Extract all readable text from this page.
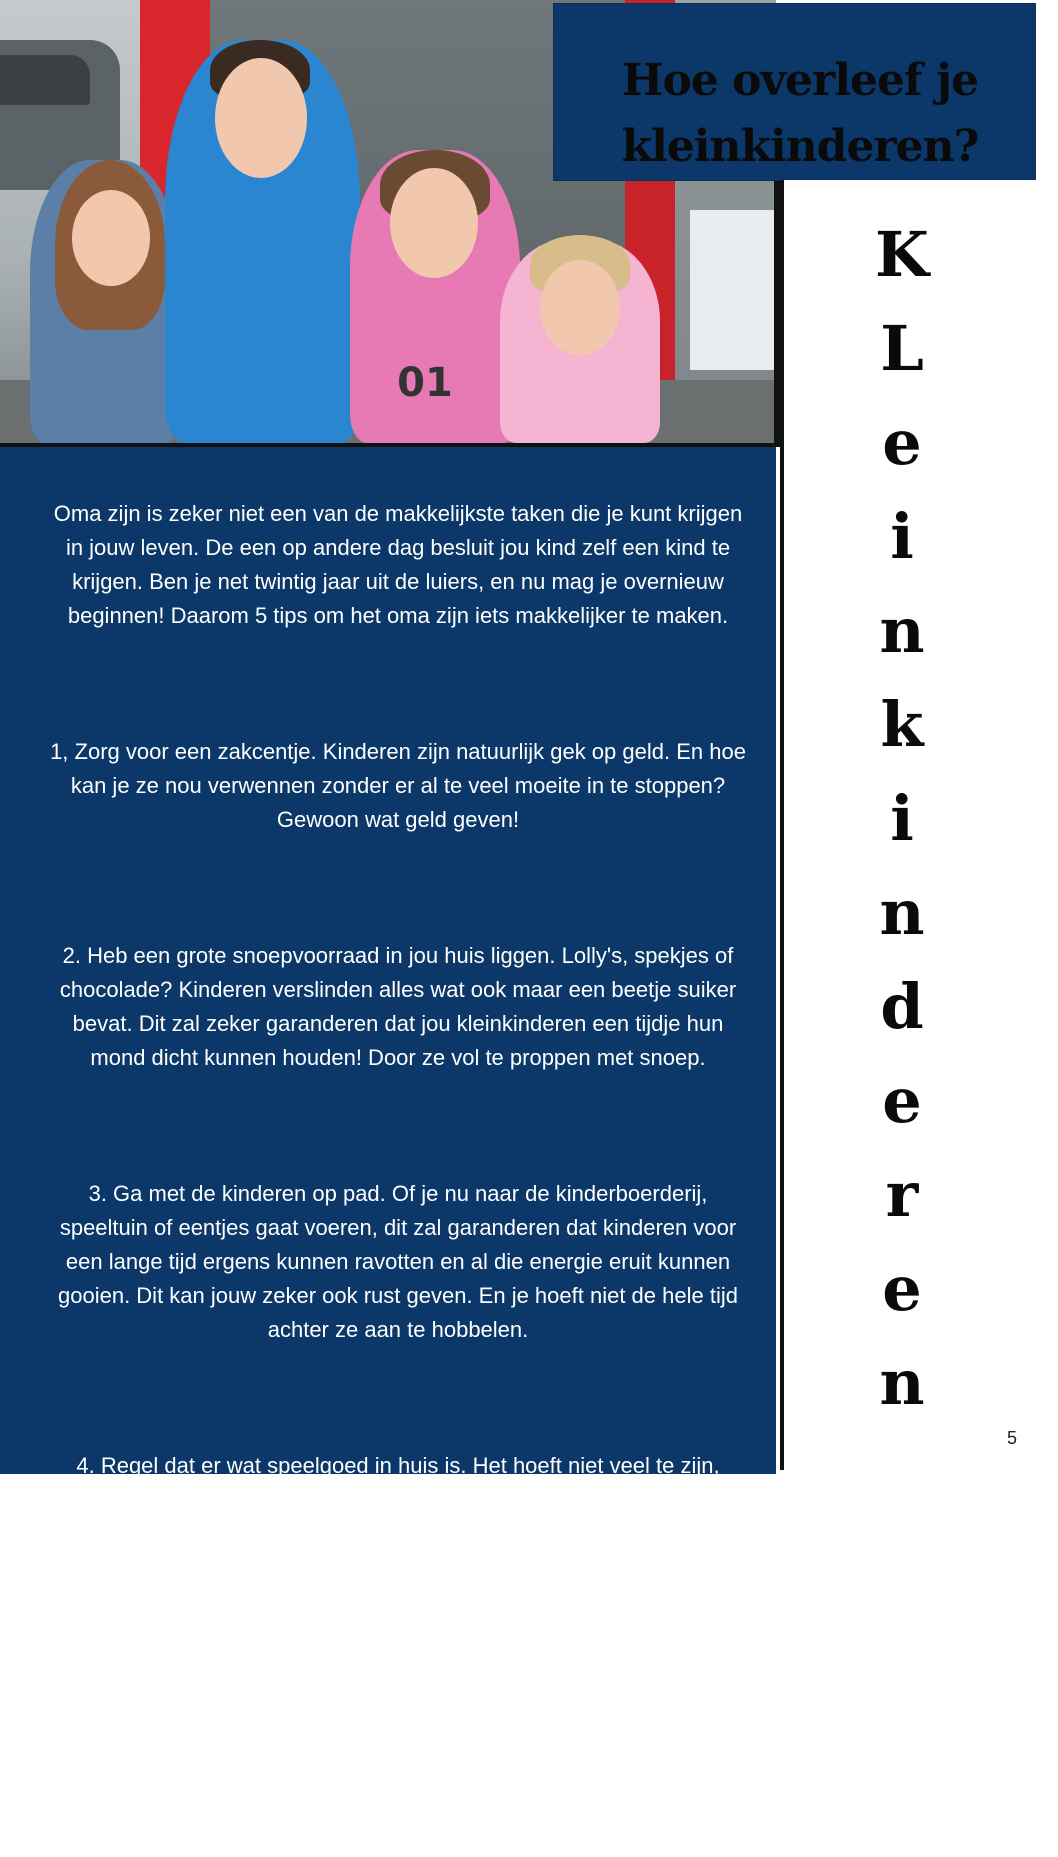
01
Hoe overleef je
kleinkinderen?

Oma zijn is zeker niet een van de makkelijkste taken die je kunt krijgen
in jouw leven. De een op andere dag besluit jou kind zelf een kind te
krijgen. Ben je net twintig jaar uit de luiers, en nu mag je overnieuw
beginnen! Daarom 5 tips om het oma zijn iets makkelijker te maken.

1, Zorg voor een zakcentje. Kinderen zijn natuurlijk gek op geld. En hoe
kan je ze nou verwennen zonder er al te veel moeite in te stoppen?
Gewoon wat geld geven!

2. Heb een grote snoepvoorraad in jou huis liggen. Lolly's, spekjes of
chocolade? Kinderen verslinden alles wat ook maar een beetje suiker
bevat. Dit zal zeker garanderen dat jou kleinkinderen een tijdje hun
mond dicht kunnen houden! Door ze vol te proppen met snoep.

3. Ga met de kinderen op pad. Of je nu naar de kinderboerderij,
speeltuin of eentjes gaat voeren, dit zal garanderen dat kinderen voor
een lange tijd ergens kunnen ravotten en al die energie eruit kunnen
gooien. Dit kan jouw zeker ook rust geven. En je hoeft niet de hele tijd
achter ze aan te hobbelen.

4. Regel dat er wat speelgoed in huis is. Het hoeft niet veel te zijn,
maar een kleine bak met wat keuze zal ze super snel afleiden. Een
waarschuwing: vul je het speelgoed niet vaak bij? Dan is de kans dat
alles binnen een . maand verdwenen is en dat driftbuien jouw kant op
komen.

5.Zet een kinderserie op. Dit zal de kinderen uren voor een tv-
schermpje geplakt houden. En dat betekent nog meer rust aan jouw
hoofd!

K
L
e
i
n
k
i
n
d
e
r
e
n
5
